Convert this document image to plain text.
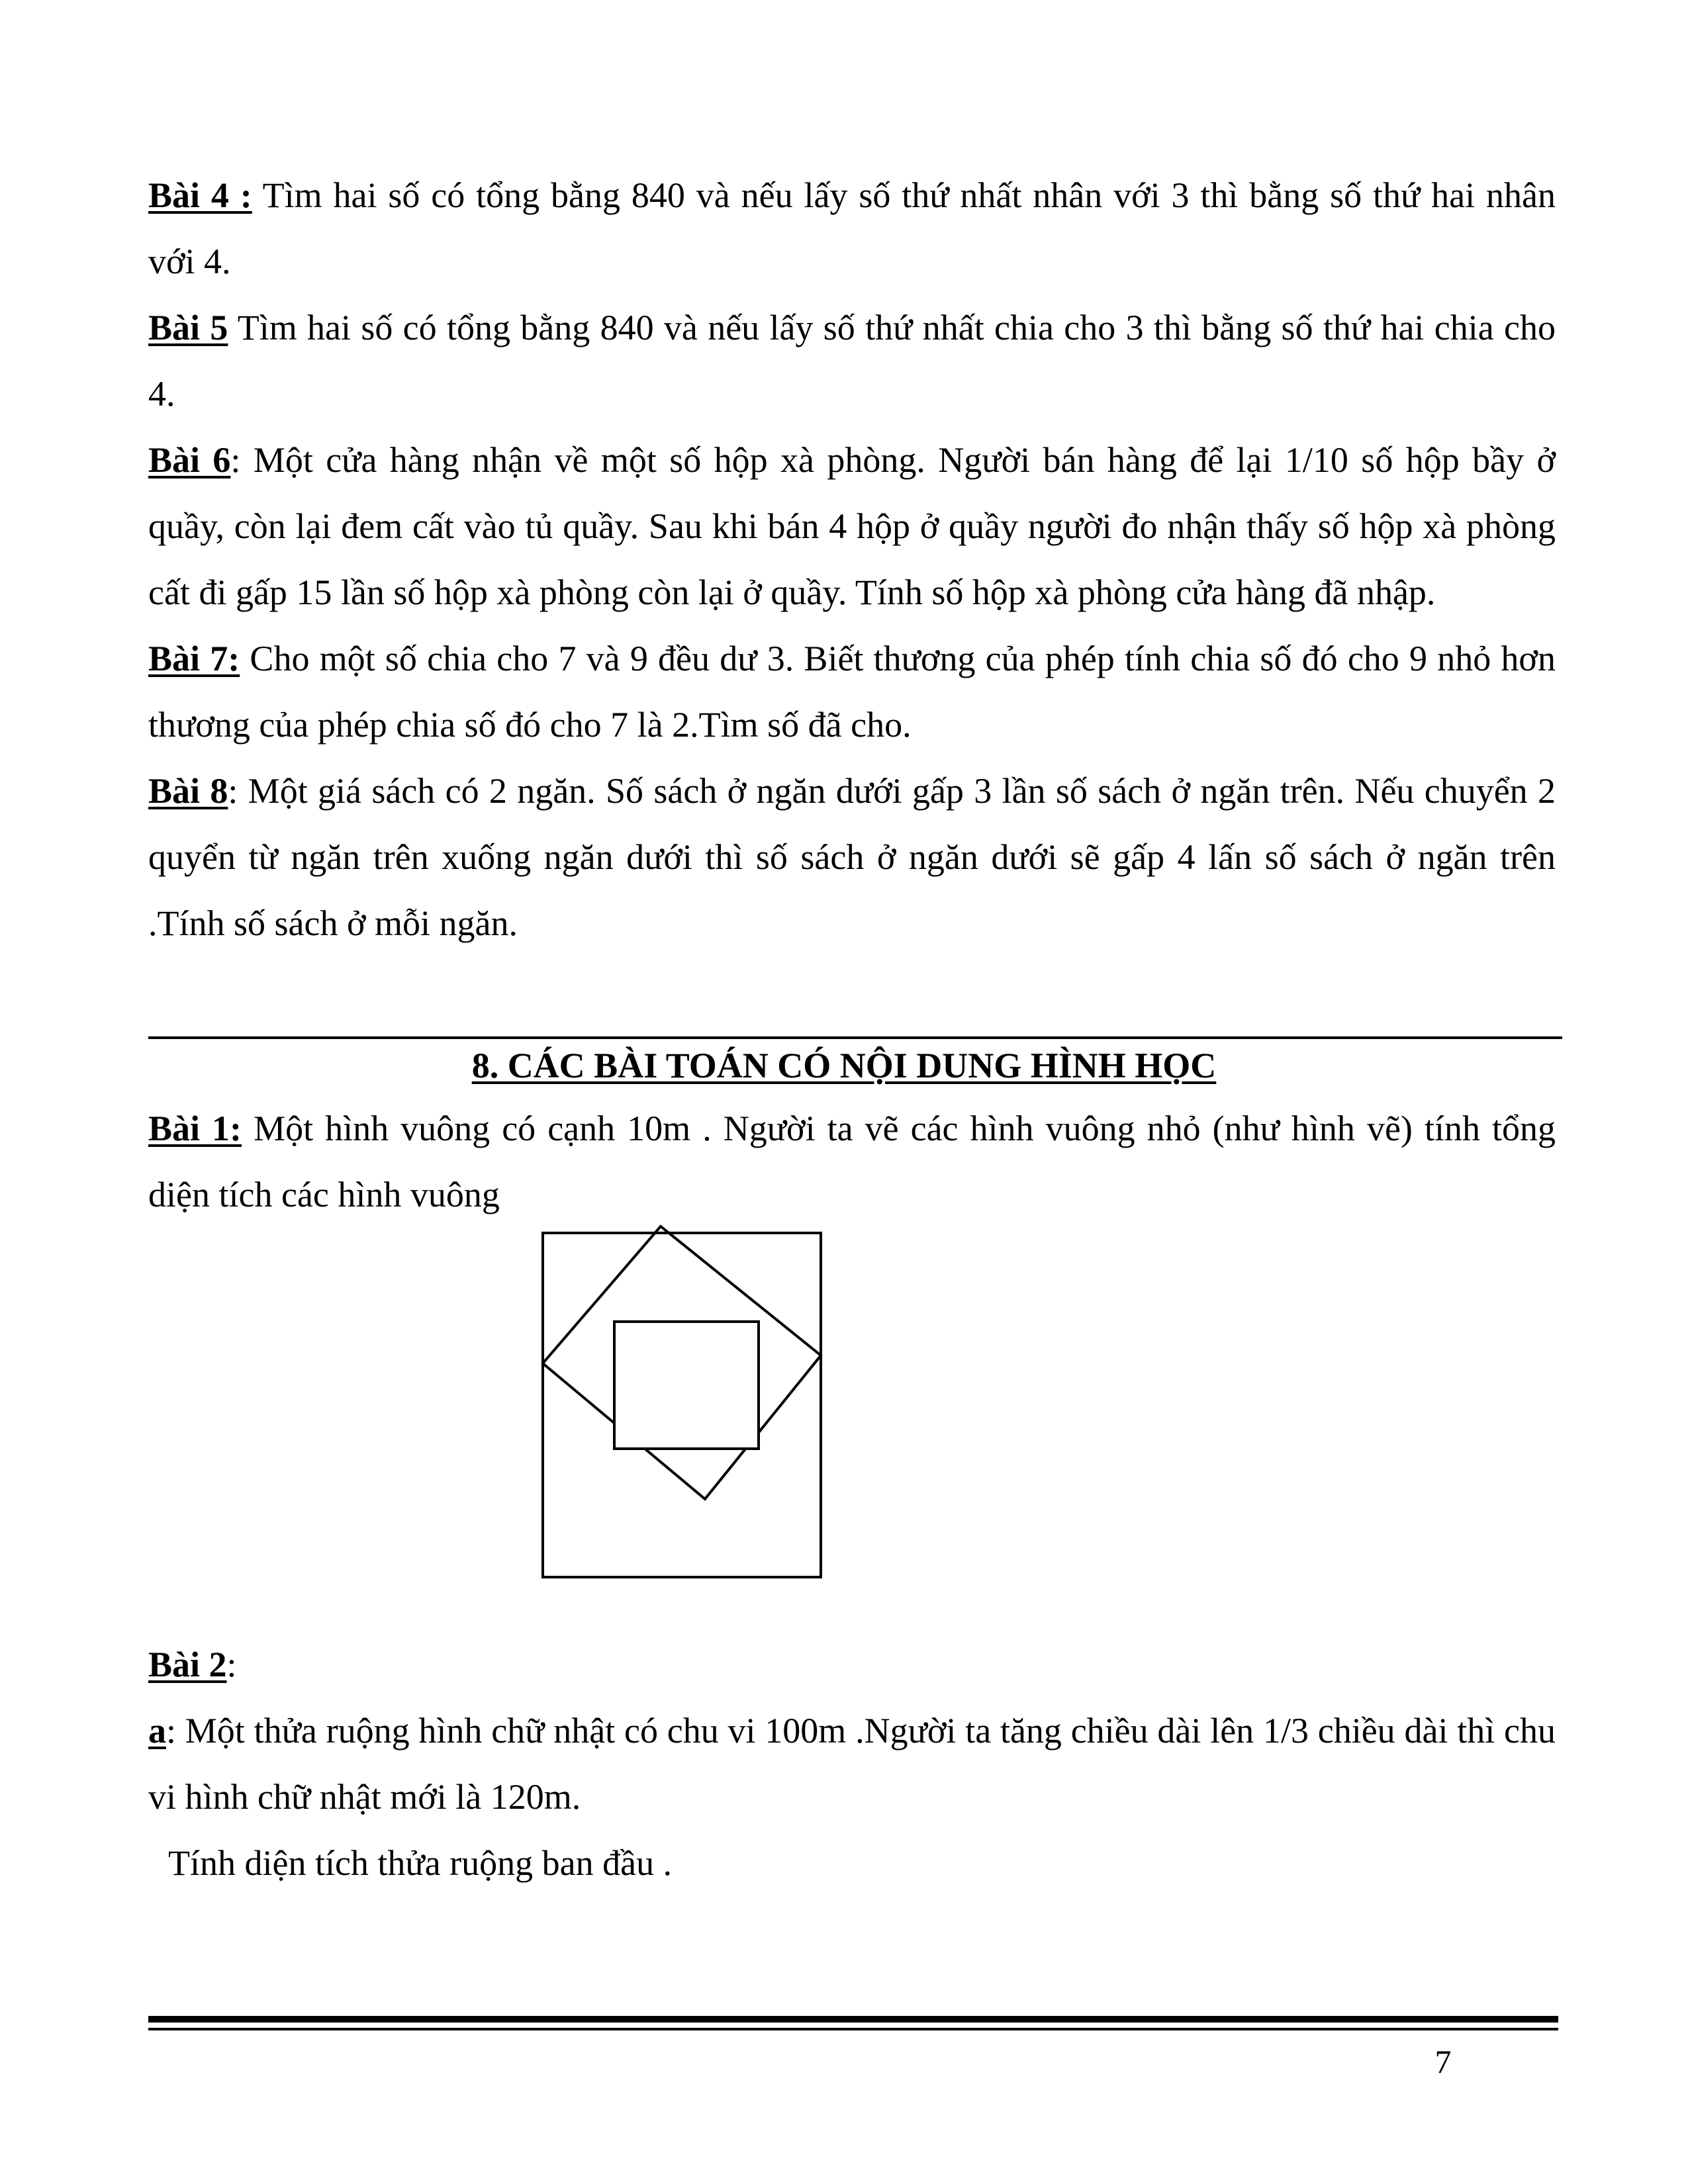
Bài 4 : Tìm hai số có tổng bằng 840 và nếu lấy số thứ nhất nhân với 3 thì bằng số thứ hai nhân với 4.

Bài 5 Tìm hai số có tổng bằng 840 và nếu lấy số thứ nhất chia cho 3 thì bằng số thứ hai chia cho 4.

Bài 6: Một cửa hàng nhận về một số hộp xà phòng. Người bán hàng để lại 1/10 số hộp bầy ở quầy, còn lại đem cất vào tủ quầy. Sau khi bán 4 hộp ở quầy người đo nhận thấy số hộp xà phòng cất đi gấp 15 lần số hộp xà phòng còn lại ở quầy. Tính số hộp xà phòng cửa hàng đã nhập.

Bài 7: Cho một số chia cho 7 và 9 đều dư 3. Biết thương của phép tính chia số đó cho 9 nhỏ hơn thương của phép chia số đó cho 7 là 2.Tìm số đã cho.

Bài 8: Một giá sách có 2 ngăn. Số sách ở ngăn dưới gấp 3 lần số sách ở ngăn trên. Nếu chuyển 2 quyển từ ngăn trên xuống ngăn dưới thì số sách ở ngăn dưới sẽ gấp 4 lấn số sách ở ngăn trên .Tính số sách ở mỗi ngăn.

8. CÁC BÀI TOÁN CÓ NỘI DUNG HÌNH HỌC

Bài 1: Một hình vuông có cạnh 10m . Người ta vẽ các hình vuông nhỏ (như hình vẽ) tính tổng diện tích các hình vuông

Bài 2:

a: Một thửa ruộng hình chữ nhật có chu vi 100m .Người ta tăng chiều dài lên 1/3 chiều dài thì chu vi hình chữ nhật mới là 120m.

Tính diện tích thửa ruộng ban đầu .

7
